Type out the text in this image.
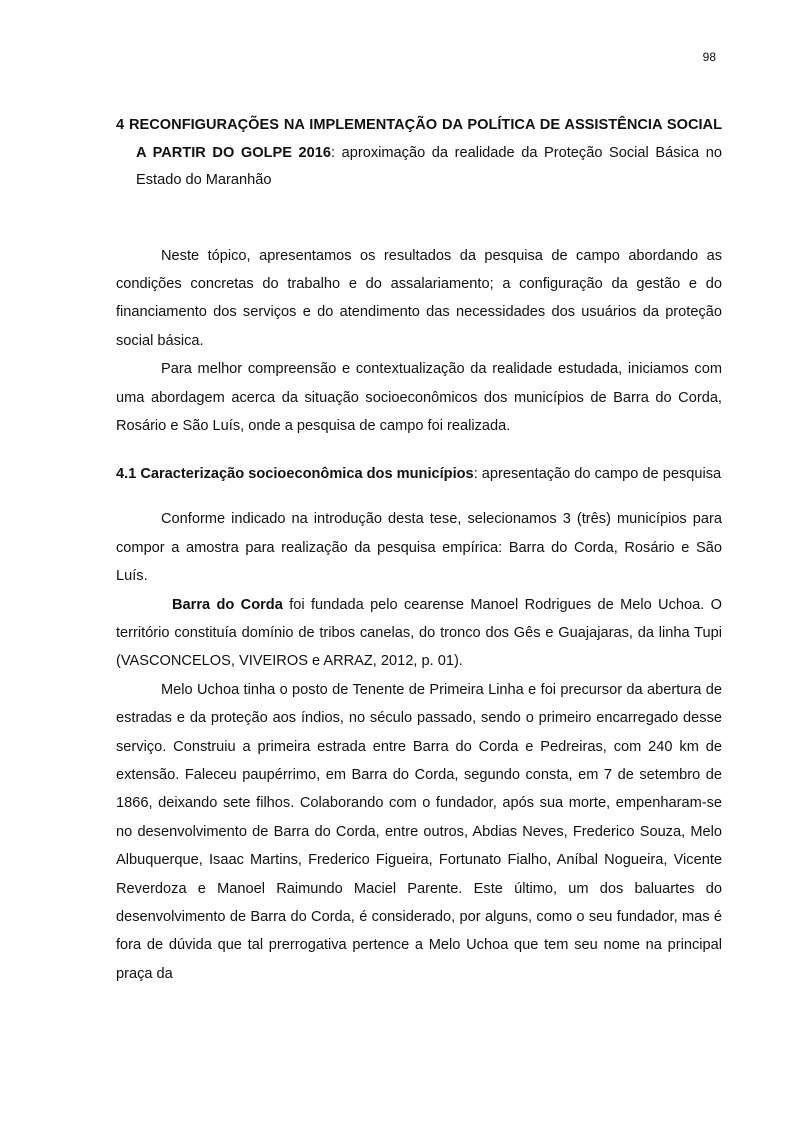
98

4 RECONFIGURAÇÕES NA IMPLEMENTAÇÃO DA POLÍTICA DE ASSISTÊNCIA SOCIAL A PARTIR DO GOLPE 2016: aproximação da realidade da Proteção Social Básica no Estado do Maranhão

Neste tópico, apresentamos os resultados da pesquisa de campo abordando as condições concretas do trabalho e do assalariamento; a configuração da gestão e do financiamento dos serviços e do atendimento das necessidades dos usuários da proteção social básica.

Para melhor compreensão e contextualização da realidade estudada, iniciamos com uma abordagem acerca da situação socioeconômicos dos municípios de Barra do Corda, Rosário e São Luís, onde a pesquisa de campo foi realizada.

4.1 Caracterização socioeconômica dos municípios: apresentação do campo de pesquisa

Conforme indicado na introdução desta tese, selecionamos 3 (três) municípios para compor a amostra para realização da pesquisa empírica: Barra do Corda, Rosário e São Luís.

Barra do Corda foi fundada pelo cearense Manoel Rodrigues de Melo Uchoa. O território constituía domínio de tribos canelas, do tronco dos Gês e Guajajaras, da linha Tupi (VASCONCELOS, VIVEIROS e ARRAZ, 2012, p. 01).

Melo Uchoa tinha o posto de Tenente de Primeira Linha e foi precursor da abertura de estradas e da proteção aos índios, no século passado, sendo o primeiro encarregado desse serviço. Construiu a primeira estrada entre Barra do Corda e Pedreiras, com 240 km de extensão. Faleceu paupérrimo, em Barra do Corda, segundo consta, em 7 de setembro de 1866, deixando sete filhos. Colaborando com o fundador, após sua morte, empenharam-se no desenvolvimento de Barra do Corda, entre outros, Abdias Neves, Frederico Souza, Melo Albuquerque, Isaac Martins, Frederico Figueira, Fortunato Fialho, Aníbal Nogueira, Vicente Reverdoza e Manoel Raimundo Maciel Parente. Este último, um dos baluartes do desenvolvimento de Barra do Corda, é considerado, por alguns, como o seu fundador, mas é fora de dúvida que tal prerrogativa pertence a Melo Uchoa que tem seu nome na principal praça da
